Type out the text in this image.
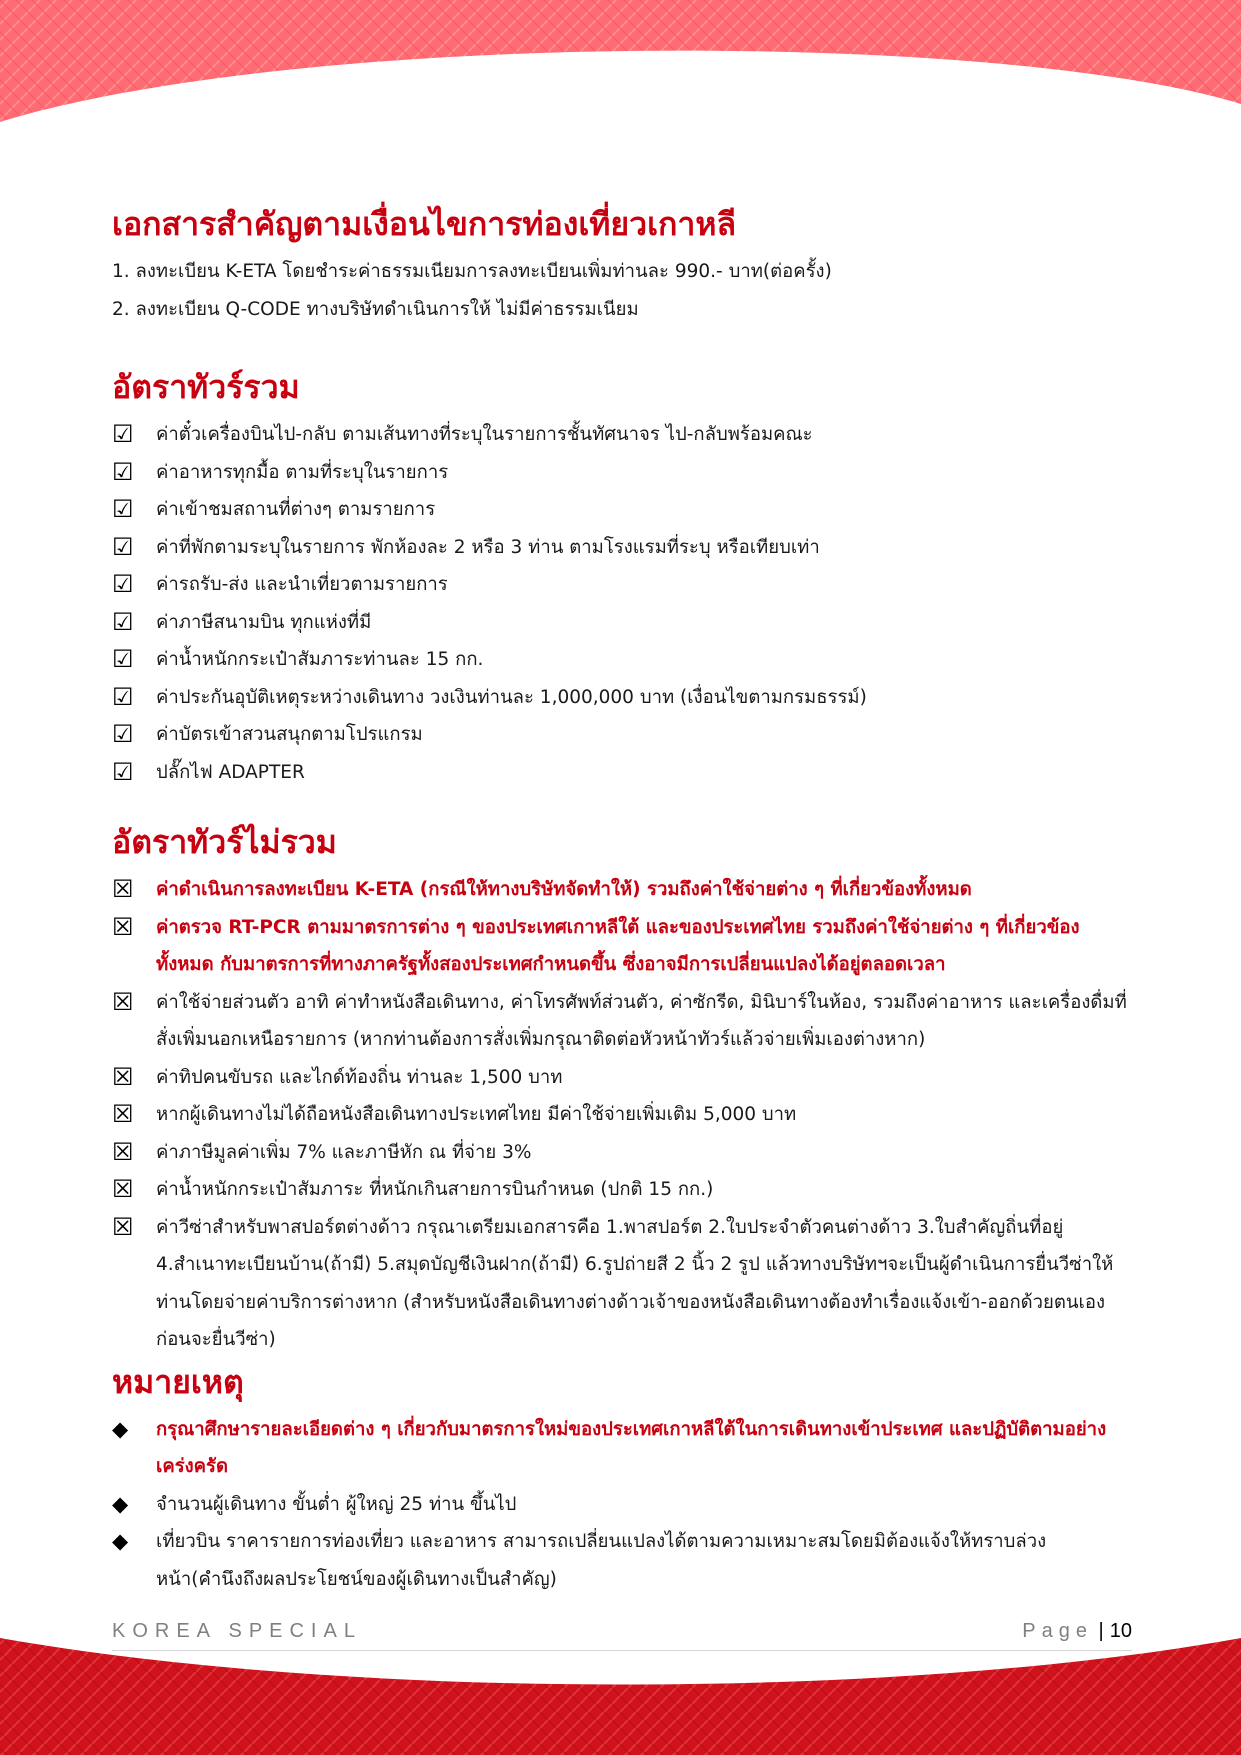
เอกสารสำคัญตามเงื่อนไขการท่องเที่ยวเกาหลี
1. ลงทะเบียน K-ETA โดยชำระค่าธรรมเนียมการลงทะเบียนเพิ่มท่านละ 990.- บาท(ต่อครั้ง)
2. ลงทะเบียน Q-CODE ทางบริษัทดำเนินการให้ ไม่มีค่าธรรมเนียม
อัตราทัวร์รวม
☑	ค่าตั๋วเครื่องบินไป-กลับ ตามเส้นทางที่ระบุในรายการชั้นทัศนาจร ไป-กลับพร้อมคณะ
☑	ค่าอาหารทุกมื้อ ตามที่ระบุในรายการ
☑	ค่าเข้าชมสถานที่ต่างๆ ตามรายการ
☑	ค่าที่พักตามระบุในรายการ พักห้องละ 2 หรือ 3 ท่าน ตามโรงแรมที่ระบุ หรือเทียบเท่า
☑	ค่ารถรับ-ส่ง และนำเที่ยวตามรายการ
☑	ค่าภาษีสนามบิน ทุกแห่งที่มี
☑	ค่าน้ำหนักกระเป๋าสัมภาระท่านละ 15 กก.
☑	ค่าประกันอุบัติเหตุระหว่างเดินทาง วงเงินท่านละ 1,000,000 บาท (เงื่อนไขตามกรมธรรม์)
☑	ค่าบัตรเข้าสวนสนุกตามโปรแกรม
☑	ปลั๊กไฟ ADAPTER
อัตราทัวร์ไม่รวม
☒	ค่าดำเนินการลงทะเบียน K-ETA (กรณีให้ทางบริษัทจัดทำให้) รวมถึงค่าใช้จ่ายต่าง ๆ ที่เกี่ยวข้องทั้งหมด
☒	ค่าตรวจ RT-PCR ตามมาตรการต่าง ๆ ของประเทศเกาหลีใต้ และของประเทศไทย รวมถึงค่าใช้จ่ายต่าง ๆ ที่เกี่ยวข้องทั้งหมด กับมาตรการที่ทางภาครัฐทั้งสองประเทศกำหนดขึ้น ซึ่งอาจมีการเปลี่ยนแปลงได้อยู่ตลอดเวลา
☒	ค่าใช้จ่ายส่วนตัว อาทิ ค่าทำหนังสือเดินทาง, ค่าโทรศัพท์ส่วนตัว, ค่าซักรีด, มินิบาร์ในห้อง, รวมถึงค่าอาหาร และเครื่องดื่มที่สั่งเพิ่มนอกเหนือรายการ (หากท่านต้องการสั่งเพิ่มกรุณาติดต่อหัวหน้าทัวร์แล้วจ่ายเพิ่มเองต่างหาก)
☒	ค่าทิปคนขับรถ และไกด์ท้องถิ่น ท่านละ 1,500 บาท
☒	หากผู้เดินทางไม่ได้ถือหนังสือเดินทางประเทศไทย มีค่าใช้จ่ายเพิ่มเติม 5,000 บาท
☒	ค่าภาษีมูลค่าเพิ่ม 7% และภาษีหัก ณ ที่จ่าย 3%
☒	ค่าน้ำหนักกระเป๋าสัมภาระ ที่หนักเกินสายการบินกำหนด (ปกติ 15 กก.)
☒	ค่าวีซ่าสำหรับพาสปอร์ตต่างด้าว กรุณาเตรียมเอกสารคือ 1.พาสปอร์ต 2.ใบประจำตัวคนต่างด้าว 3.ใบสำคัญถิ่นที่อยู่ 4.สำเนาทะเบียนบ้าน(ถ้ามี) 5.สมุดบัญชีเงินฝาก(ถ้ามี) 6.รูปถ่ายสี 2 นิ้ว 2 รูป แล้วทางบริษัทฯจะเป็นผู้ดำเนินการยื่นวีซ่าให้ท่านโดยจ่ายค่าบริการต่างหาก (สำหรับหนังสือเดินทางต่างด้าวเจ้าของหนังสือเดินทางต้องทำเรื่องแจ้งเข้า-ออกด้วยตนเองก่อนจะยื่นวีซ่า)
หมายเหตุ
◆	กรุณาศึกษารายละเอียดต่าง ๆ เกี่ยวกับมาตรการใหม่ของประเทศเกาหลีใต้ในการเดินทางเข้าประเทศ และปฏิบัติตามอย่างเคร่งครัด
◆	จำนวนผู้เดินทาง ขั้นต่ำ ผู้ใหญ่ 25 ท่าน ขึ้นไป
◆	เที่ยวบิน ราคารายการท่องเที่ยว และอาหาร สามารถเปลี่ยนแปลงได้ตามความเหมาะสมโดยมิต้องแจ้งให้ทราบล่วงหน้า(คำนึงถึงผลประโยชน์ของผู้เดินทางเป็นสำคัญ)
KOREA SPECIAL	Page | 10
